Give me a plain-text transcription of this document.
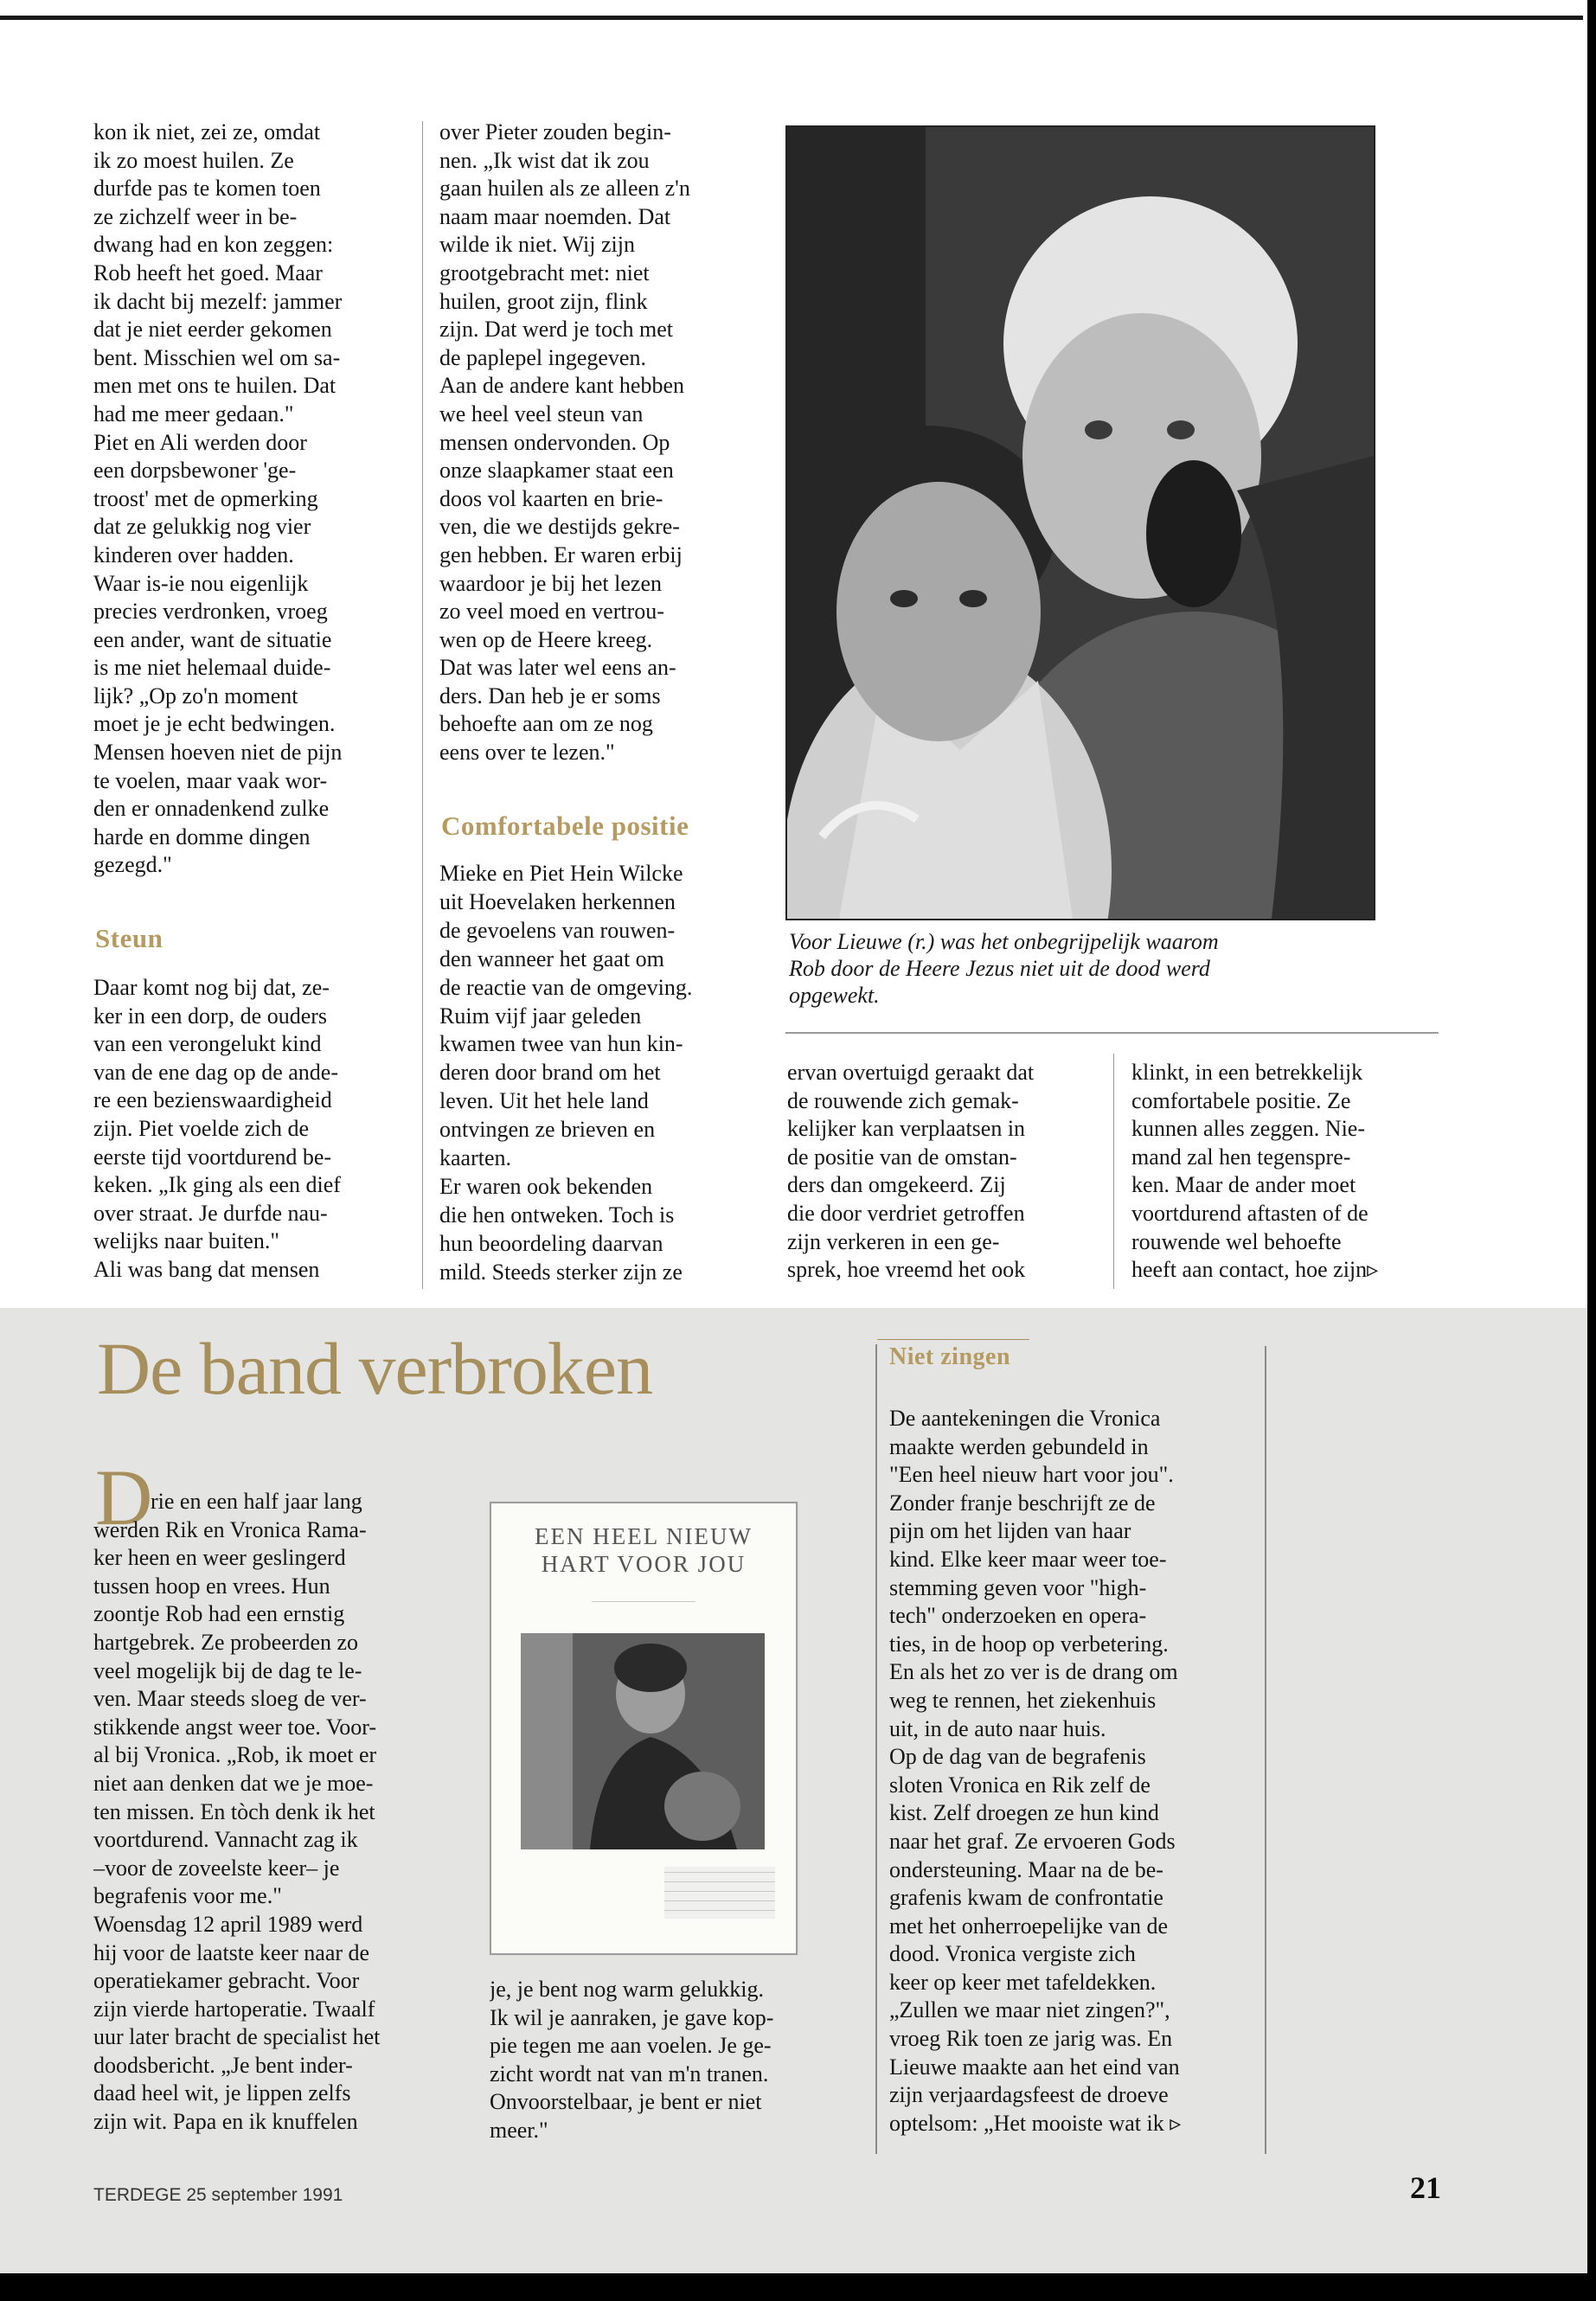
kon ik niet, zei ze, omdat
ik zo moest huilen. Ze
durfde pas te komen toen
ze zichzelf weer in be-
dwang had en kon zeggen:
Rob heeft het goed. Maar
ik dacht bij mezelf: jammer
dat je niet eerder gekomen
bent. Misschien wel om sa-
men met ons te huilen. Dat
had me meer gedaan."
Piet en Ali werden door
een dorpsbewoner 'ge-
troost' met de opmerking
dat ze gelukkig nog vier
kinderen over hadden.
Waar is-ie nou eigenlijk
precies verdronken, vroeg
een ander, want de situatie
is me niet helemaal duide-
lijk? „Op zo'n moment
moet je je echt bedwingen.
Mensen hoeven niet de pijn
te voelen, maar vaak wor-
den er onnadenkend zulke
harde en domme dingen
gezegd."

Steun

Daar komt nog bij dat, ze-
ker in een dorp, de ouders
van een verongelukt kind
van de ene dag op de ande-
re een bezienswaardigheid
zijn. Piet voelde zich de
eerste tijd voortdurend be-
keken. „Ik ging als een dief
over straat. Je durfde nau-
welijks naar buiten."
Ali was bang dat mensen

over Pieter zouden begin-
nen. „Ik wist dat ik zou
gaan huilen als ze alleen z'n
naam maar noemden. Dat
wilde ik niet. Wij zijn
grootgebracht met: niet
huilen, groot zijn, flink
zijn. Dat werd je toch met
de paplepel ingegeven.
Aan de andere kant hebben
we heel veel steun van
mensen ondervonden. Op
onze slaapkamer staat een
doos vol kaarten en brie-
ven, die we destijds gekre-
gen hebben. Er waren erbij
waardoor je bij het lezen
zo veel moed en vertrou-
wen op de Heere kreeg.
Dat was later wel eens an-
ders. Dan heb je er soms
behoefte aan om ze nog
eens over te lezen."

Comfortabele positie

Mieke en Piet Hein Wilcke
uit Hoevelaken herkennen
de gevoelens van rouwen-
den wanneer het gaat om
de reactie van de omgeving.
Ruim vijf jaar geleden
kwamen twee van hun kin-
deren door brand om het
leven. Uit het hele land
ontvingen ze brieven en
kaarten.
Er waren ook bekenden
die hen ontweken. Toch is
hun beoordeling daarvan
mild. Steeds sterker zijn ze

Voor Lieuwe (r.) was het onbegrijpelijk waarom
Rob door de Heere Jezus niet uit de dood werd
opgewekt.

ervan overtuigd geraakt dat
de rouwende zich gemak-
kelijker kan verplaatsen in
de positie van de omstan-
ders dan omgekeerd. Zij
die door verdriet getroffen
zijn verkeren in een ge-
sprek, hoe vreemd het ook

klinkt, in een betrekkelijk
comfortabele positie. Ze
kunnen alles zeggen. Nie-
mand zal hen tegenspre-
ken. Maar de ander moet
voortdurend aftasten of de
rouwende wel behoefte
heeft aan contact, hoe zijn▹

De band verbroken
D

rie en een half jaar lang
werden Rik en Vronica Rama-
ker heen en weer geslingerd
tussen hoop en vrees. Hun
zoontje Rob had een ernstig
hartgebrek. Ze probeerden zo
veel mogelijk bij de dag te le-
ven. Maar steeds sloeg de ver-
stikkende angst weer toe. Voor-
al bij Vronica. „Rob, ik moet er
niet aan denken dat we je moe-
ten missen. En tòch denk ik het
voortdurend. Vannacht zag ik
–voor de zoveelste keer– je
begrafenis voor me."
Woensdag 12 april 1989 werd
hij voor de laatste keer naar de
operatiekamer gebracht. Voor
zijn vierde hartoperatie. Twaalf
uur later bracht de specialist het
doodsbericht. „Je bent inder-
daad heel wit, je lippen zelfs
zijn wit. Papa en ik knuffelen

EEN HEEL NIEUW
HART VOOR JOU

————————————

je, je bent nog warm gelukkig.
Ik wil je aanraken, je gave kop-
pie tegen me aan voelen. Je ge-
zicht wordt nat van m'n tranen.
Onvoorstelbaar, je bent er niet
meer."

Niet zingen

De aantekeningen die Vronica
maakte werden gebundeld in
"Een heel nieuw hart voor jou".
Zonder franje beschrijft ze de
pijn om het lijden van haar
kind. Elke keer maar weer toe-
stemming geven voor "high-
tech" onderzoeken en opera-
ties, in de hoop op verbetering.
En als het zo ver is de drang om
weg te rennen, het ziekenhuis
uit, in de auto naar huis.
Op de dag van de begrafenis
sloten Vronica en Rik zelf de
kist. Zelf droegen ze hun kind
naar het graf. Ze ervoeren Gods
ondersteuning. Maar na de be-
grafenis kwam de confrontatie
met het onherroepelijke van de
dood. Vronica vergiste zich
keer op keer met tafeldekken.
„Zullen we maar niet zingen?",
vroeg Rik toen ze jarig was. En
Lieuwe maakte aan het eind van
zijn verjaardagsfeest de droeve
optelsom: „Het mooiste wat ik ▹

TERDEGE 25 september 1991	21
